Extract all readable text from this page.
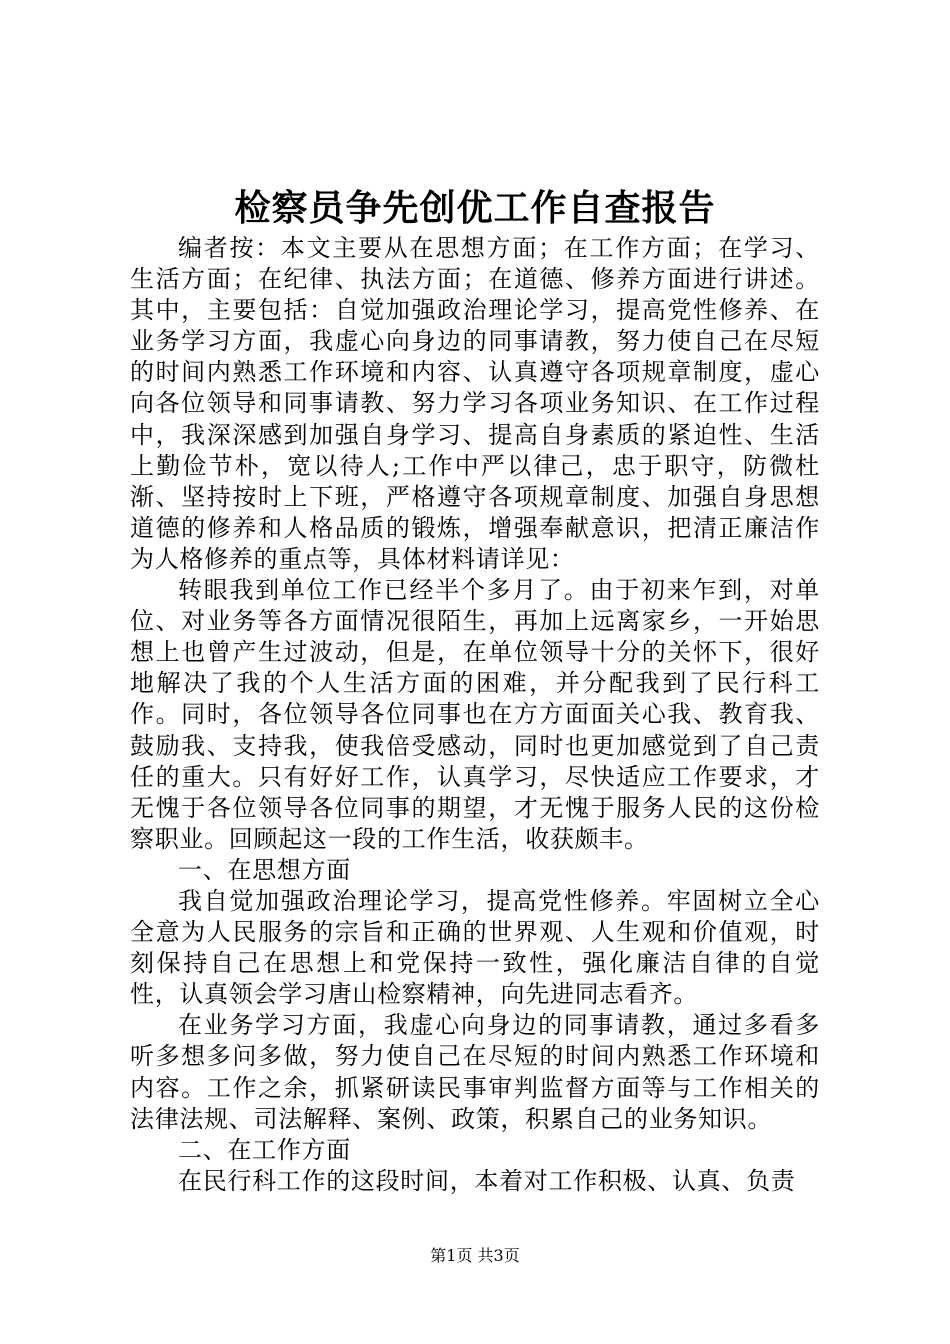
检察员争先创优工作自查报告

编者按：本文主要从在思想方面；在工作方面；在学习、生活方面；在纪律、执法方面；在道德、修养方面进行讲述。其中，主要包括：自觉加强政治理论学习，提高党性修养、在业务学习方面，我虚心向身边的同事请教，努力使自己在尽短的时间内熟悉工作环境和内容、认真遵守各项规章制度，虚心向各位领导和同事请教、努力学习各项业务知识、在工作过程中，我深深感到加强自身学习、提高自身素质的紧迫性、生活上勤俭节朴，宽以待人;工作中严以律己，忠于职守，防微杜渐、坚持按时上下班，严格遵守各项规章制度、加强自身思想道德的修养和人格品质的锻炼，增强奉献意识，把清正廉洁作为人格修养的重点等，具体材料请详见：

转眼我到单位工作已经半个多月了。由于初来乍到，对单位、对业务等各方面情况很陌生，再加上远离家乡，一开始思想上也曾产生过波动，但是，在单位领导十分的关怀下，很好地解决了我的个人生活方面的困难，并分配我到了民行科工作。同时，各位领导各位同事也在方方面面关心我、教育我、鼓励我、支持我，使我倍受感动，同时也更加感觉到了自己责任的重大。只有好好工作，认真学习，尽快适应工作要求，才无愧于各位领导各位同事的期望，才无愧于服务人民的这份检察职业。回顾起这一段的工作生活，收获颇丰。

一、在思想方面

我自觉加强政治理论学习，提高党性修养。牢固树立全心全意为人民服务的宗旨和正确的世界观、人生观和价值观，时刻保持自己在思想上和党保持一致性，强化廉洁自律的自觉性，认真领会学习唐山检察精神，向先进同志看齐。

在业务学习方面，我虚心向身边的同事请教，通过多看多听多想多问多做，努力使自己在尽短的时间内熟悉工作环境和内容。工作之余，抓紧研读民事审判监督方面等与工作相关的法律法规、司法解释、案例、政策，积累自己的业务知识。

二、在工作方面

在民行科工作的这段时间，本着对工作积极、认真、负责

第1页 共3页
